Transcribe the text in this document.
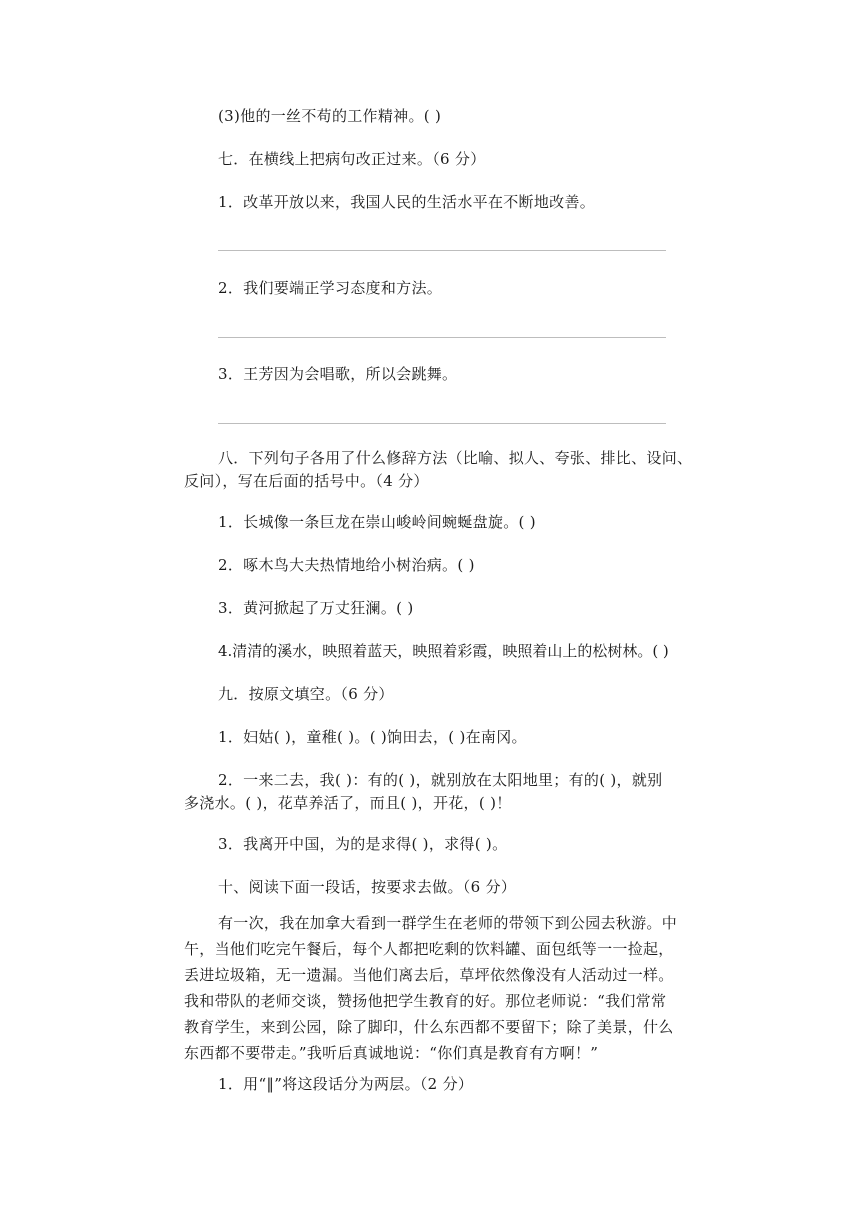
(3)他的一丝不苟的工作精神。( )
七．在横线上把病句改正过来。（6 分）
1．改革开放以来，我国人民的生活水平在不断地改善。
2．我们要端正学习态度和方法。
3．王芳因为会唱歌，所以会跳舞。
八．下列句子各用了什么修辞方法（比喻、拟人、夸张、排比、设问、
反问），写在后面的括号中。（4 分）
1．长城像一条巨龙在崇山峻岭间蜿蜒盘旋。( )
2．啄木鸟大夫热情地给小树治病。( )
3．黄河掀起了万丈狂澜。( )
4.清清的溪水，映照着蓝天，映照着彩霞，映照着山上的松树林。( )
九．按原文填空。（6 分）
1．妇姑( )，童稚( )。( )饷田去，( )在南冈。
2．一来二去，我( )：有的( )，就别放在太阳地里；有的( )，就别
多浇水。( )，花草养活了，而且( )，开花，( )！
3．我离开中国，为的是求得( )，求得( )。
十、阅读下面一段话，按要求去做。（6 分）
有一次，我在加拿大看到一群学生在老师的带领下到公园去秋游。中
午，当他们吃完午餐后，每个人都把吃剩的饮料罐、面包纸等一一捡起，
丢进垃圾箱，无一遗漏。当他们离去后，草坪依然像没有人活动过一样。
我和带队的老师交谈，赞扬他把学生教育的好。那位老师说：“我们常常
教育学生，来到公园，除了脚印，什么东西都不要留下；除了美景，什么
东西都不要带走。”我听后真诚地说：“你们真是教育有方啊！”
1．用“‖”将这段话分为两层。（2 分）
